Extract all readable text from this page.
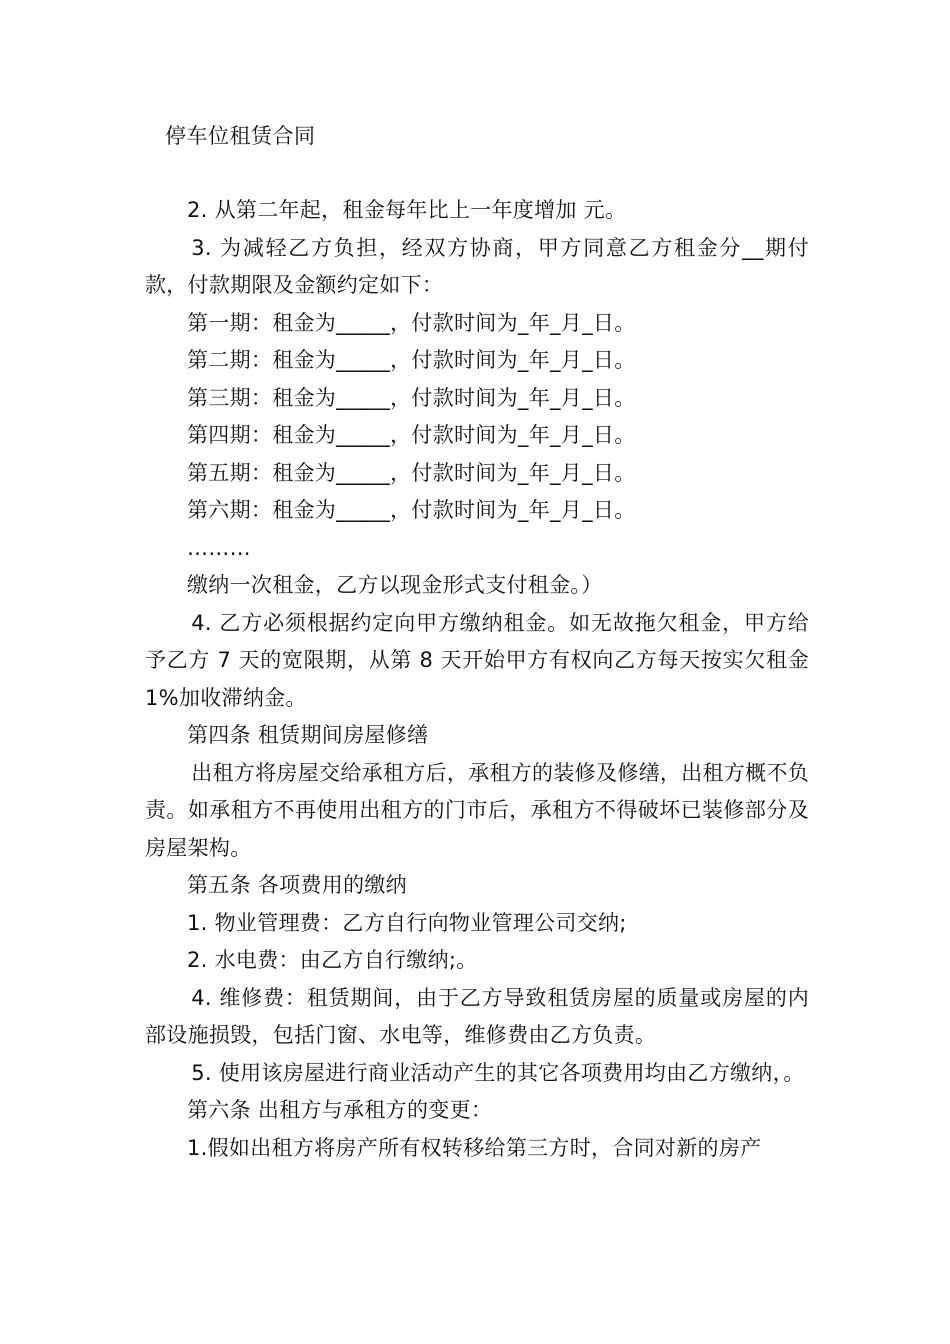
停车位租赁合同

2. 从第二年起，租金每年比上一年度增加 元。

3. 为减轻乙方负担，经双方协商，甲方同意乙方租金分__期付款，付款期限及金额约定如下：

第一期：租金为_____，付款时间为_年_月_日。

第二期：租金为_____，付款时间为_年_月_日。

第三期：租金为_____，付款时间为_年_月_日。

第四期：租金为_____，付款时间为_年_月_日。

第五期：租金为_____，付款时间为_年_月_日。

第六期：租金为_____，付款时间为_年_月_日。

………

缴纳一次租金，乙方以现金形式支付租金。）

4. 乙方必须根据约定向甲方缴纳租金。如无故拖欠租金，甲方给予乙方 7 天的宽限期，从第 8 天开始甲方有权向乙方每天按实欠租金 1%加收滞纳金。

第四条 租赁期间房屋修缮

出租方将房屋交给承租方后，承租方的装修及修缮，出租方概不负责。如承租方不再使用出租方的门市后，承租方不得破坏已装修部分及房屋架构。

第五条 各项费用的缴纳

1. 物业管理费：乙方自行向物业管理公司交纳;

2. 水电费：由乙方自行缴纳;。

4. 维修费：租赁期间，由于乙方导致租赁房屋的质量或房屋的内部设施损毁，包括门窗、水电等，维修费由乙方负责。

5. 使用该房屋进行商业活动产生的其它各项费用均由乙方缴纳，。

第六条 出租方与承租方的变更：

1.假如出租方将房产所有权转移给第三方时，合同对新的房产
